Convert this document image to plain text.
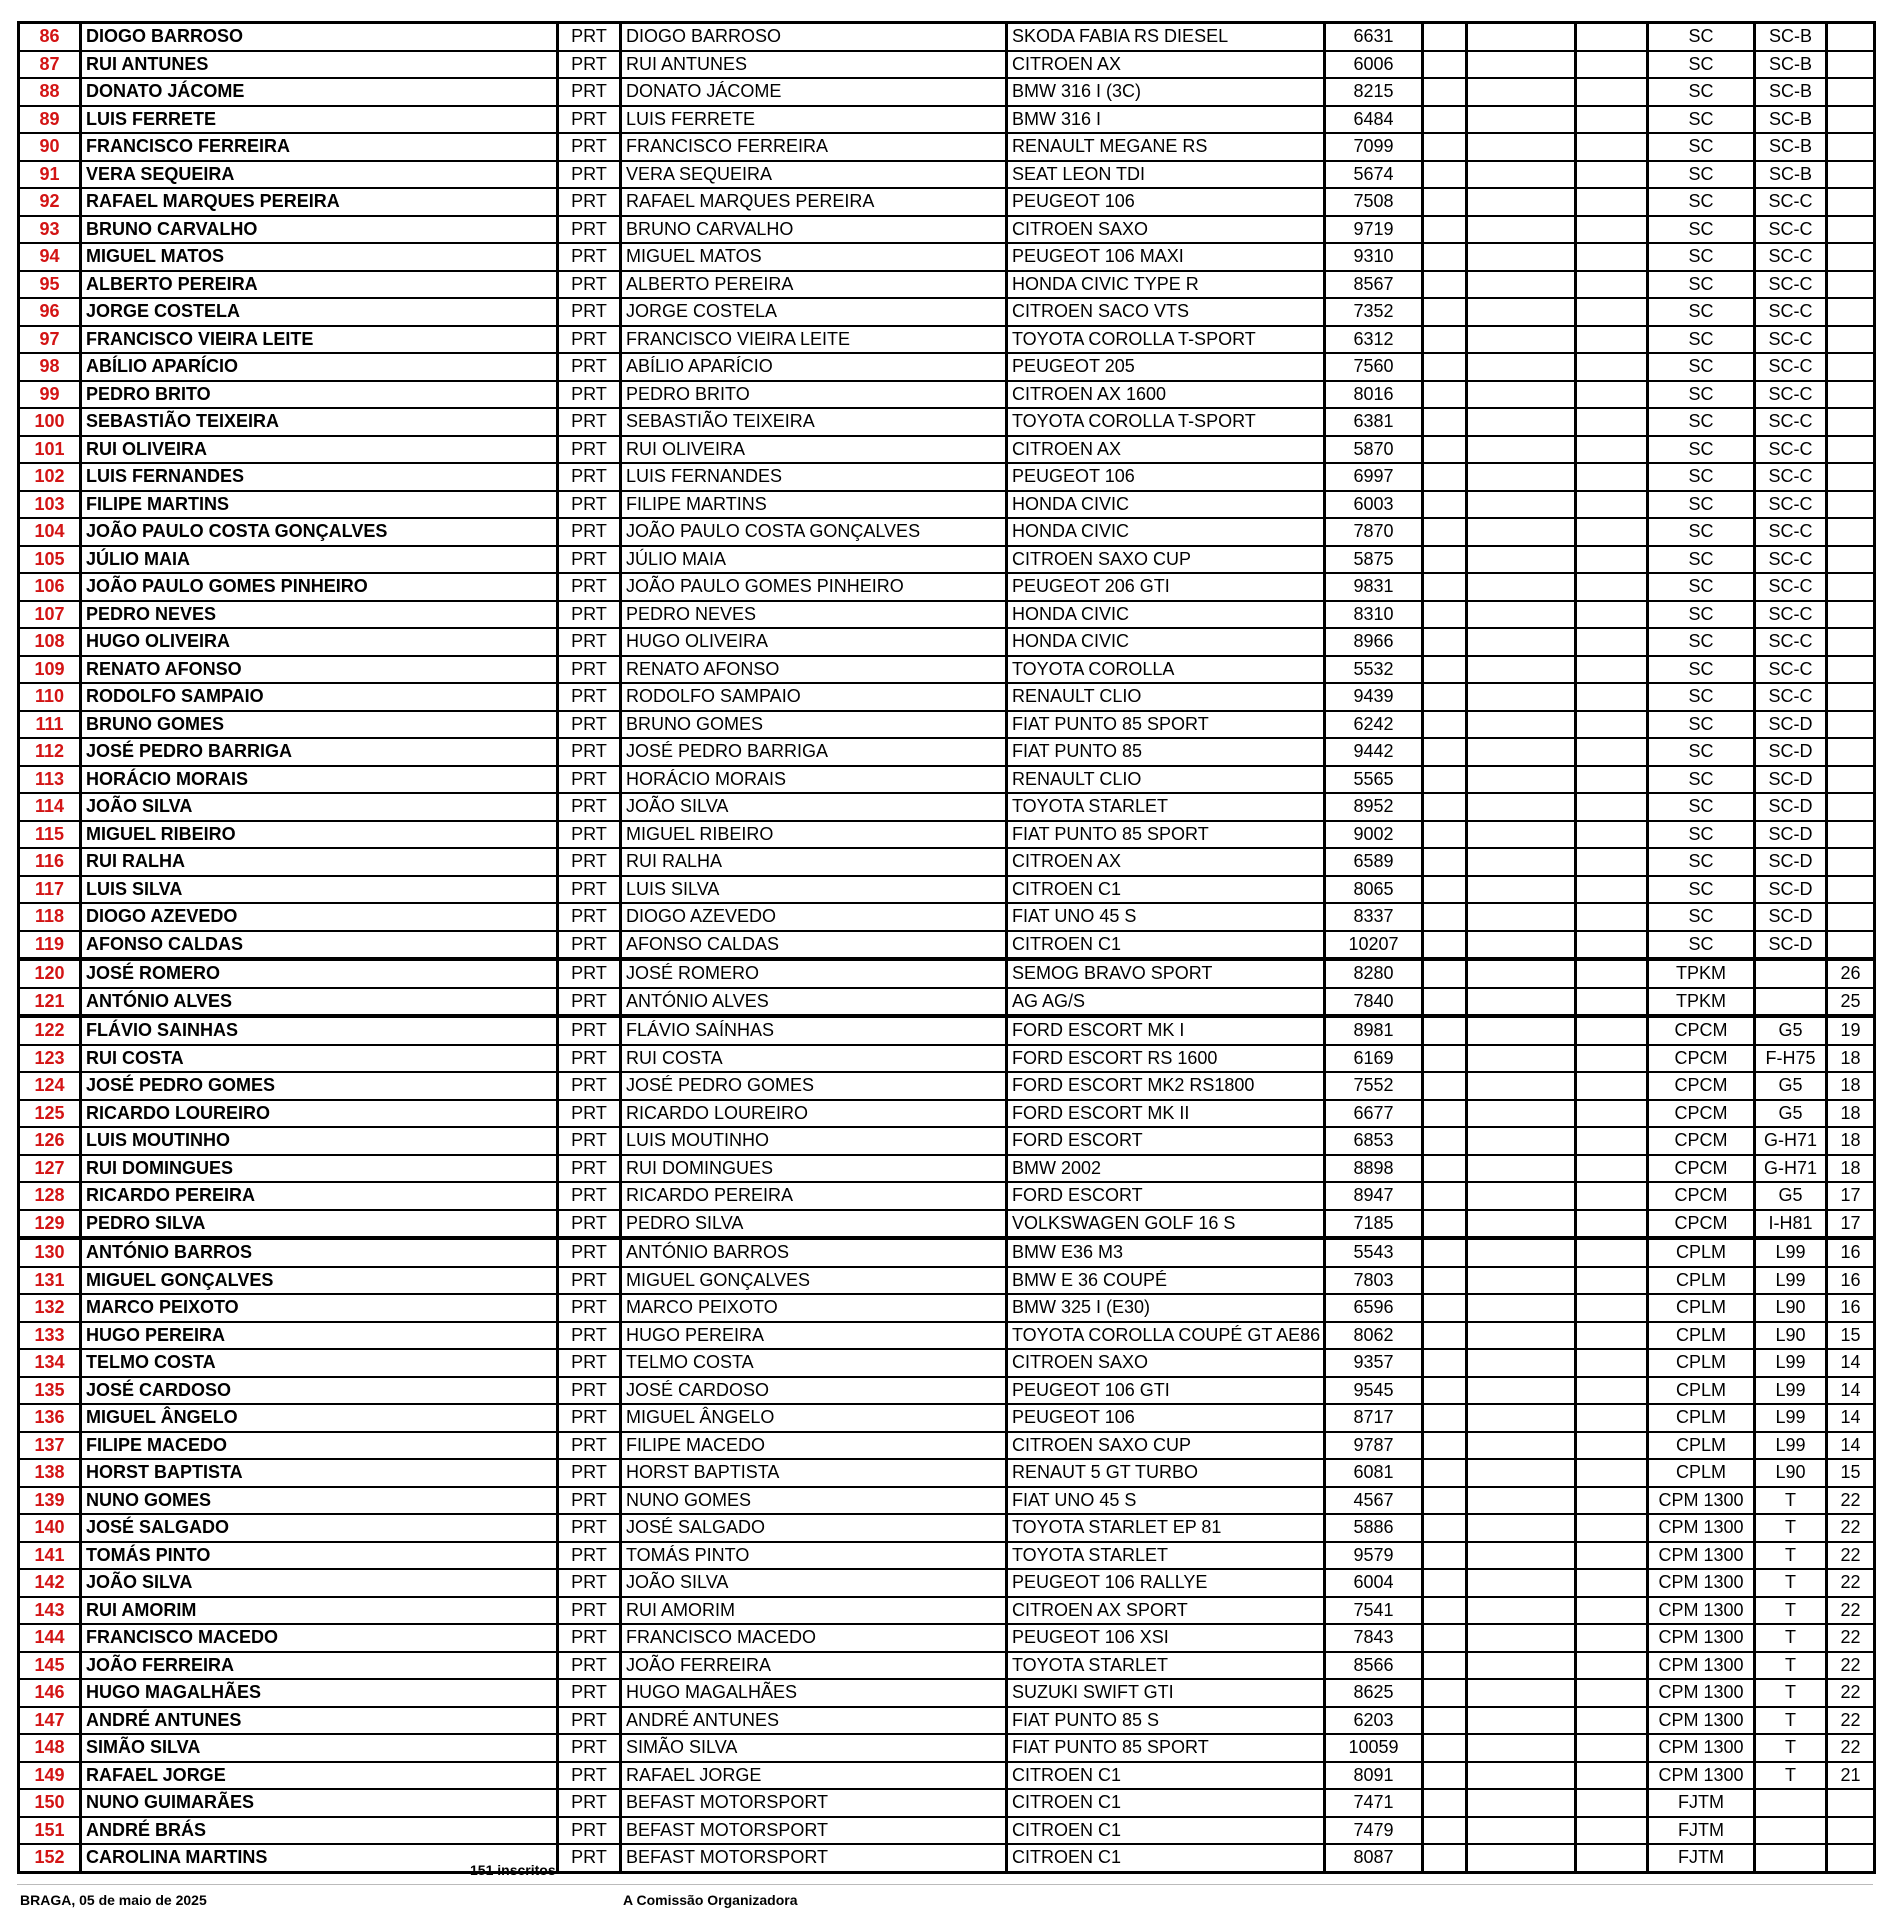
86	DIOGO BARROSO	PRT	DIOGO BARROSO	SKODA FABIA RS DIESEL	6631				SC	SC-B	
87	RUI ANTUNES	PRT	RUI ANTUNES	CITROEN AX	6006				SC	SC-B	
88	DONATO JÁCOME	PRT	DONATO JÁCOME	BMW 316 I (3C)	8215				SC	SC-B	
89	LUIS FERRETE	PRT	LUIS FERRETE	BMW 316 I	6484				SC	SC-B	
90	FRANCISCO FERREIRA	PRT	FRANCISCO FERREIRA	RENAULT MEGANE RS	7099				SC	SC-B	
91	VERA SEQUEIRA	PRT	VERA SEQUEIRA	SEAT LEON TDI	5674				SC	SC-B	
92	RAFAEL MARQUES PEREIRA	PRT	RAFAEL MARQUES PEREIRA	PEUGEOT 106	7508				SC	SC-C	
93	BRUNO CARVALHO	PRT	BRUNO CARVALHO	CITROEN SAXO	9719				SC	SC-C	
94	MIGUEL MATOS	PRT	MIGUEL MATOS	PEUGEOT 106 MAXI	9310				SC	SC-C	
95	ALBERTO PEREIRA	PRT	ALBERTO PEREIRA	HONDA CIVIC TYPE R	8567				SC	SC-C	
96	JORGE COSTELA	PRT	JORGE COSTELA	CITROEN SACO VTS	7352				SC	SC-C	
97	FRANCISCO VIEIRA LEITE	PRT	FRANCISCO VIEIRA LEITE	TOYOTA COROLLA T-SPORT	6312				SC	SC-C	
98	ABÍLIO APARÍCIO	PRT	ABÍLIO APARÍCIO	PEUGEOT 205	7560				SC	SC-C	
99	PEDRO BRITO	PRT	PEDRO BRITO	CITROEN AX 1600	8016				SC	SC-C	
100	SEBASTIÃO TEIXEIRA	PRT	SEBASTIÃO TEIXEIRA	TOYOTA COROLLA T-SPORT	6381				SC	SC-C	
101	RUI OLIVEIRA	PRT	RUI OLIVEIRA	CITROEN AX	5870				SC	SC-C	
102	LUIS FERNANDES	PRT	LUIS FERNANDES	PEUGEOT 106	6997				SC	SC-C	
103	FILIPE MARTINS	PRT	FILIPE MARTINS	HONDA CIVIC	6003				SC	SC-C	
104	JOÃO PAULO COSTA GONÇALVES	PRT	JOÃO PAULO COSTA GONÇALVES	HONDA CIVIC	7870				SC	SC-C	
105	JÚLIO MAIA	PRT	JÚLIO MAIA	CITROEN SAXO CUP	5875				SC	SC-C	
106	JOÃO PAULO GOMES PINHEIRO	PRT	JOÃO PAULO GOMES PINHEIRO	PEUGEOT 206 GTI	9831				SC	SC-C	
107	PEDRO NEVES	PRT	PEDRO NEVES	HONDA CIVIC	8310				SC	SC-C	
108	HUGO OLIVEIRA	PRT	HUGO OLIVEIRA	HONDA CIVIC	8966				SC	SC-C	
109	RENATO AFONSO	PRT	RENATO AFONSO	TOYOTA COROLLA	5532				SC	SC-C	
110	RODOLFO SAMPAIO	PRT	RODOLFO SAMPAIO	RENAULT CLIO	9439				SC	SC-C	
111	BRUNO GOMES	PRT	BRUNO GOMES	FIAT PUNTO 85 SPORT	6242				SC	SC-D	
112	JOSÉ PEDRO BARRIGA	PRT	JOSÉ PEDRO BARRIGA	FIAT PUNTO 85	9442				SC	SC-D	
113	HORÁCIO MORAIS	PRT	HORÁCIO MORAIS	RENAULT CLIO	5565				SC	SC-D	
114	JOÃO SILVA	PRT	JOÃO SILVA	TOYOTA STARLET	8952				SC	SC-D	
115	MIGUEL RIBEIRO	PRT	MIGUEL RIBEIRO	FIAT PUNTO 85 SPORT	9002				SC	SC-D	
116	RUI RALHA	PRT	RUI RALHA	CITROEN AX	6589				SC	SC-D	
117	LUIS SILVA	PRT	LUIS SILVA	CITROEN C1	8065				SC	SC-D	
118	DIOGO AZEVEDO	PRT	DIOGO AZEVEDO	FIAT UNO 45 S	8337				SC	SC-D	
119	AFONSO CALDAS	PRT	AFONSO CALDAS	CITROEN C1	10207				SC	SC-D	
120	JOSÉ ROMERO	PRT	JOSÉ ROMERO	SEMOG BRAVO SPORT	8280				TPKM		26
121	ANTÓNIO ALVES	PRT	ANTÓNIO ALVES	AG AG/S	7840				TPKM		25
122	FLÁVIO SAINHAS	PRT	FLÁVIO SAÍNHAS	FORD ESCORT MK I	8981				CPCM	G5	19
123	RUI COSTA	PRT	RUI COSTA	FORD ESCORT RS 1600	6169				CPCM	F-H75	18
124	JOSÉ PEDRO GOMES	PRT	JOSÉ PEDRO GOMES	FORD ESCORT MK2 RS1800	7552				CPCM	G5	18
125	RICARDO LOUREIRO	PRT	RICARDO LOUREIRO	FORD ESCORT MK II	6677				CPCM	G5	18
126	LUIS MOUTINHO	PRT	LUIS MOUTINHO	FORD ESCORT	6853				CPCM	G-H71	18
127	RUI DOMINGUES	PRT	RUI DOMINGUES	BMW 2002	8898				CPCM	G-H71	18
128	RICARDO PEREIRA	PRT	RICARDO PEREIRA	FORD ESCORT	8947				CPCM	G5	17
129	PEDRO SILVA	PRT	PEDRO SILVA	VOLKSWAGEN GOLF 16 S	7185				CPCM	I-H81	17
130	ANTÓNIO BARROS	PRT	ANTÓNIO BARROS	BMW E36 M3	5543				CPLM	L99	16
131	MIGUEL GONÇALVES	PRT	MIGUEL GONÇALVES	BMW E 36 COUPÉ	7803				CPLM	L99	16
132	MARCO PEIXOTO	PRT	MARCO PEIXOTO	BMW 325 I (E30)	6596				CPLM	L90	16
133	HUGO PEREIRA	PRT	HUGO PEREIRA	TOYOTA COROLLA COUPÉ GT AE86	8062				CPLM	L90	15
134	TELMO COSTA	PRT	TELMO COSTA	CITROEN SAXO	9357				CPLM	L99	14
135	JOSÉ CARDOSO	PRT	JOSÉ CARDOSO	PEUGEOT 106 GTI	9545				CPLM	L99	14
136	MIGUEL ÂNGELO	PRT	MIGUEL ÂNGELO	PEUGEOT 106	8717				CPLM	L99	14
137	FILIPE MACEDO	PRT	FILIPE MACEDO	CITROEN SAXO CUP	9787				CPLM	L99	14
138	HORST BAPTISTA	PRT	HORST BAPTISTA	RENAUT 5 GT TURBO	6081				CPLM	L90	15
139	NUNO GOMES	PRT	NUNO GOMES	FIAT UNO 45 S	4567				CPM 1300	T	22
140	JOSÉ SALGADO	PRT	JOSÉ SALGADO	TOYOTA STARLET EP 81	5886				CPM 1300	T	22
141	TOMÁS PINTO	PRT	TOMÁS PINTO	TOYOTA STARLET	9579				CPM 1300	T	22
142	JOÃO SILVA	PRT	JOÃO SILVA	PEUGEOT 106 RALLYE	6004				CPM 1300	T	22
143	RUI AMORIM	PRT	RUI AMORIM	CITROEN AX SPORT	7541				CPM 1300	T	22
144	FRANCISCO MACEDO	PRT	FRANCISCO MACEDO	PEUGEOT 106 XSI	7843				CPM 1300	T	22
145	JOÃO FERREIRA	PRT	JOÃO FERREIRA	TOYOTA STARLET	8566				CPM 1300	T	22
146	HUGO MAGALHÃES	PRT	HUGO MAGALHÃES	SUZUKI SWIFT GTI	8625				CPM 1300	T	22
147	ANDRÉ ANTUNES	PRT	ANDRÉ ANTUNES	FIAT PUNTO 85 S	6203				CPM 1300	T	22
148	SIMÃO SILVA	PRT	SIMÃO SILVA	FIAT PUNTO 85 SPORT	10059				CPM 1300	T	22
149	RAFAEL JORGE	PRT	RAFAEL JORGE	CITROEN C1	8091				CPM 1300	T	21
150	NUNO GUIMARÃES	PRT	BEFAST MOTORSPORT	CITROEN C1	7471				FJTM		
151	ANDRÉ BRÁS	PRT	BEFAST MOTORSPORT	CITROEN C1	7479				FJTM		
152	CAROLINA MARTINS	PRT	BEFAST MOTORSPORT	CITROEN C1	8087				FJTM		
151 inscritos
BRAGA, 05 de maio de 2025	A Comissão Organizadora
